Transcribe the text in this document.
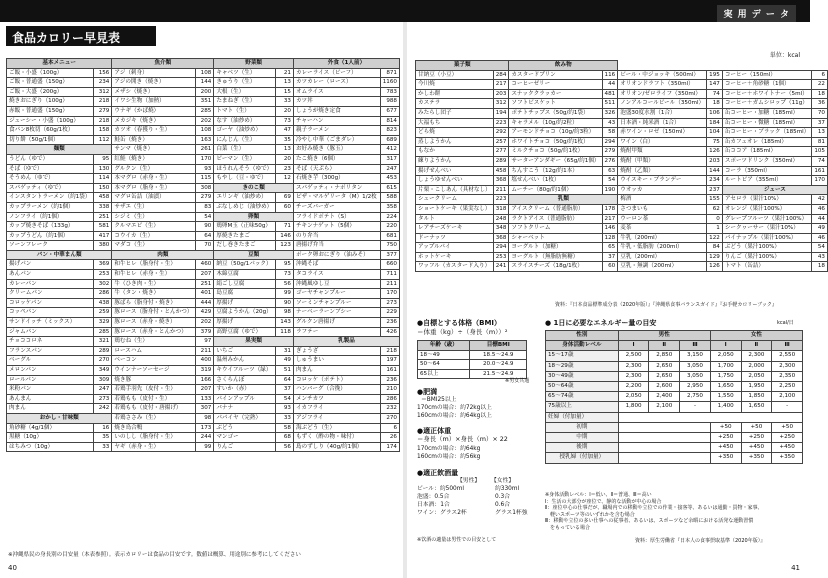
食品カロリー早見表
基本メニュー		魚介類		野菜類		外食（1人前）	
ご飯・小盛（100g）	156	アジ（刺身）	108	キャベツ（生）	21	カレーライス（ビーフ）	871
ご飯・普通盛（150g）	234	アジの開き（焼き）	144	きゅうり（生）	13	カツカレー（ロース）	1160
ご飯・大盛（200g）	312	メザシ（焼き）	200	大根（生）	15	オムライス	783
焼きおにぎり（100g）	218	イワシ生物（加熱）	351	たまねぎ（生）	33	カツ丼	988
赤飯・普通盛（150g）	279	ウナギ（かば焼）	285	トマト（生）	20	しょうが焼き定食	677
ジューシー・小盛（100g）	218	メカジキ（焼き）	202	なす（油炒め）	73	チャーハン	814
食パン8枚切（60g/1枚）	158	カツオ（春獲り・生）	108	ゴーヤ（油炒め）	47	親子ラーメン	823
切り餅（50g/1個）	112	鮭缶（焼き）	163	にんじん（生）	35	冷やし中華（ごまダレ）	689
麺類		サンマ（焼き）	261	白菜（生）	13	お好み焼き（豚玉）	412
うどん（ゆで）	95	紅鮭（焼き）	170	ピーマン（生）	20	たこ焼き（6個）	317
そば（ゆで）	130	グルクン（生）	93	ほうれんそう（ゆで）	23	そば（天ぷら）	247
そうめん（ゆで）	114	本マグロ（赤身・生）	115	もやし（豆・ゆで）	12	石焼き芋（300g）	453
スパゲッティ（ゆで）	150	本マグロ（脂身・生）	308	きのこ類		スパゲッティ・ナポリタン	615
インスタントラーメン（約1袋）	458	マグロ缶詰（油漬）	279	エリンギ（油炒め）	69	ピザ・マルゲリータ（M）1/2枚	588
カップラーメン（約1個）	338	サザエ（生）	83	ぶなしめじ（油炒め）	60	チーズバーガー	358
ノンフライ（約1個）	251	シジミ（生）	54	卵類		フライドポテト（S）	224
カップ焼きそば（133g）	581	クルマエビ（生）	90	鶏卵M玉（正味50g）	71	チキンナゲット（5個）	220
カップうどん（約1個）	417	コウイカ（生）	64	厚焼きたまご	146	のり弁当	681
ソーンフレーク	380	マダコ（生）	70	だし巻きたまご	123	唐揚げ弁当	750
パン・中華まん類		肉類		豆類		ポーク卵おにぎり（油みそ）	377
揚げパン	369	和牛ヒレ（脂身付・生）	460	納豆（50g/1パック）	95	沖縄そば	660
あんパン	253	和牛ヒレ（赤身・生）	207	木綿豆腐	73	タコライス	711
カレーパン	302	牛（ひき肉・生）	251	絹ごし豆腐	56	沖縄風ゆし豆	211
クリームパン	286	牛（タン・焼き）	401	島豆腐	99	ゴーヤチャンプルー	170
コロッケパン	438	豚ばら（脂身付・焼き）	444	厚揚げ	90	ソーミンチャンプルー	273
コッペパン	259	豚ロース（脂身付・とんかつ）	429	豆腐ようかん（20g）	98	ナーベーラーンブシー	229
サンドイッチ（ミックス）	329	豚ロース（赤身・焼き）	202	厚揚げ	143	グルクン唐揚げ	236
ジャムパン	285	豚ロース（赤身・とんかつ）	379	高野豆腐（ゆで）	118	ラフテー	426
チョココロネ	321	鶏むね（生）	97	果実類		乳製品	
フランスパン	289	ロースハム	211	いちご	31	ぎょうざ	218
ベーグル	270	ベーコン	400	温州みかん	49	しゅうまい	197
メロンパン	349	ウインナーソーセージ	319	キウイフルーツ（緑）	51	肉まん	161
ロールパン	309	焼き豚	166	さくらんぼ	64	コロッケ（ポテト）	236
米粉パン	247	若鶏手羽先（皮付・生）	207	すいか（赤）	37	ハンバーグ（合挽）	210
あんまん	273	若鶏もも（皮付・生）	133	パインアップル	54	メンチカツ	286
肉まん	242	若鶏もも（皮付・唐揚げ）	307	バナナ	93	イカフライ	232
おかし・甘味類		若鶏ささみ（生）	98	パパイヤ（完熟）	33	アジフライ	270
角砂糖（4g/1個）	16	焼き鳥合鴨	173	ぶどう	58	海ぶどう（生）	6
黒糖（10g）	35	いのしし（脂身付・生）	244	マンゴー	68	もずく（酢の物・味付）	26
はちみつ（10g）	33	ヤギ（赤身・生）	99	りんご	56	島のずしり（40g/約1個）	174
※沖縄県民の身長別の目安量（本表参照）。表示カロリーは食品の目安です。数値は概算、用途別に参考にしてください
40
実 用 デ ー タ
単位：kcal
菓子類		飲み物					
甘納豆（小豆）	284	カスタードプリン	116	ビール・中ジョッキ（500ml）	195	コーヒー（150ml）	6
今川焼	217	コーヒーゼリー	44	オリオンドラフト（350ml）	147	コーヒー＋角砂糖（1個）	22
かしわ餅	203	スナッククラッカー	481	オリオン/ゼロライフ（350ml）	74	コーヒー＋ホワイトナー（5ml）	18
カステラ	312	ソフトビスケット	511	ノンアルコールビール（350ml）	18	コーヒー＋ガムシロップ（11g）	36
みたらし団子	194	ポテトチップス（50g/約1袋）	326	泡盛30度水割（1合）	106	缶コーヒー・加糖（185ml）	70
大福もち	223	キャラメル（10g/約2粒）	43	日本酒・純米酒（1合）	184	缶コーヒー・微糖（185ml）	37
どら焼	292	アーモンドチョコ（10g/約3粒）	58	赤ワイン・ロゼ（150ml）	104	缶コーヒー・ブラック（185ml）	13
蒸しようかん	257	ホワイトチョコ（50g/約1枚）	294	ワイン（白）	75	缶カフェオレ（185ml）	81
もなか	277	ミルクチョコ（50g/約1枚）	279	焼酎甲類	126	缶ココア（185ml）	105
練りようかん	289	サーターアンダギー（65g/約1個）	276	焼酎（甲類）	203	スポーツドリンク（350ml）	74
揚げせんべい	458	ちんすこう（12g/約1本）	63	焼酎（乙類）	144	コーラ（350ml）	161
しょうゆせんべい	368	塩せんべい（1枚）	54	ウイスキー・ブランデー	234	ルートビア（355ml）	170
片栗・こしあん（具材なし）	211	ムーチー（80g/約1個）	190	ウオッカ	237	ジュース	
シュークリーム	223	乳類		梅酒	155	アセロラ（果汁10%）	42
ショートケーキ（果実なし）	318	アイスクリーム（普通脂肪）	178	さつまいも	62	オレンジ（果汁100%）	46
タルト	248	ラクトアイス（普通脂肪）	217	ウーロン茶	0	グレープフルーツ（果汁100%）	44
レアチーズケーキ	348	ソフトクリーム	146	麦茶	1	シークヮーサー（果汁10%）	49
ドーナッツ	368	シャーベット	128	牛乳（200ml）	122	パイナップル（果汁100%）	46
アップルパイ	294	ヨーグルト（加糖）	65	牛乳・低脂肪（200ml）	84	ぶどう（果汁100%）	54
ホットケーキ	253	ヨーグルト（無脂肪無糖）	37	豆乳（200ml）	129	りんご（果汁100%）	43
ワッフル（カスタード入り）	241	スライスチーズ（18g/1枚）	60	豆乳・無調（200ml）	126	トマト（缶詰）	18
資料：『日本食品標準成分表（2020年版）』『沖縄県食事バランスガイド』『お手軽カロリーブック』
●自標とする体格（BMI）
＝体重（kg）÷（身長（m））²
年齢（歳）	目標BMI
18～49	18.5～24.9
50～64	20.0～24.9
65以上	21.5～24.9
※男女共通
●肥満
＝BMI25以上
170cmの場合：約72kg以上
160cmの場合：約64kg以上
●適正体重
＝身長（m）×身長（m）× 22
170cmの場合：約64kg
160cmの場合：約56kg
●適正飲酒量
【男性】 【女性】
ビール：約500ml	約330ml
泡盛：0.5合	0.3合
日本酒：1合	0.6合
ワイン：グラス2杯	グラス1杯強
※饮酒の適量は男性での目安として
● 1日に必要なエネルギー量の目安	kcal/日
性別	男性			女性		
身体活動レベル	Ⅰ	Ⅱ	Ⅲ	Ⅰ	Ⅱ	Ⅲ
15～17歳	2,500	2,850	3,150	2,050	2,300	2,550
18～29歳	2,300	2,650	3,050	1,700	2,000	2,300
30～49歳	2,300	2,650	3,050	1,750	2,050	2,350
50～64歳	2,200	2,600	2,950	1,650	1,950	2,250
65～74歳	2,050	2,400	2,750	1,550	1,850	2,100
75歳以上	1,800	2,100	-	1,400	1,650	-
妊婦（付加量）						
初期				+50	+50	+50
中期				+250	+250	+250
後期				+450	+450	+450
授乳婦（付加量）				+350	+350	+350
※身体活動レベル：Ⅰ＝低い、Ⅱ＝普通、Ⅲ＝高い
Ⅰ：生活の大部分が座位で、静的な活動が中心の場合
Ⅱ：座位中心の仕事だが、職場内での移動や立位での作業・接客等、あるいは通勤・買物・家事、
　軽いスポーツ等のいずれかを含む場合
Ⅲ：移動や立位の多い仕事への従事者、あるいは、スポーツなど余暇における活発な運動習慣
　をもっている場合
資料：厚生労働省『日本人の食事摂取基準（2020年版）』
41
